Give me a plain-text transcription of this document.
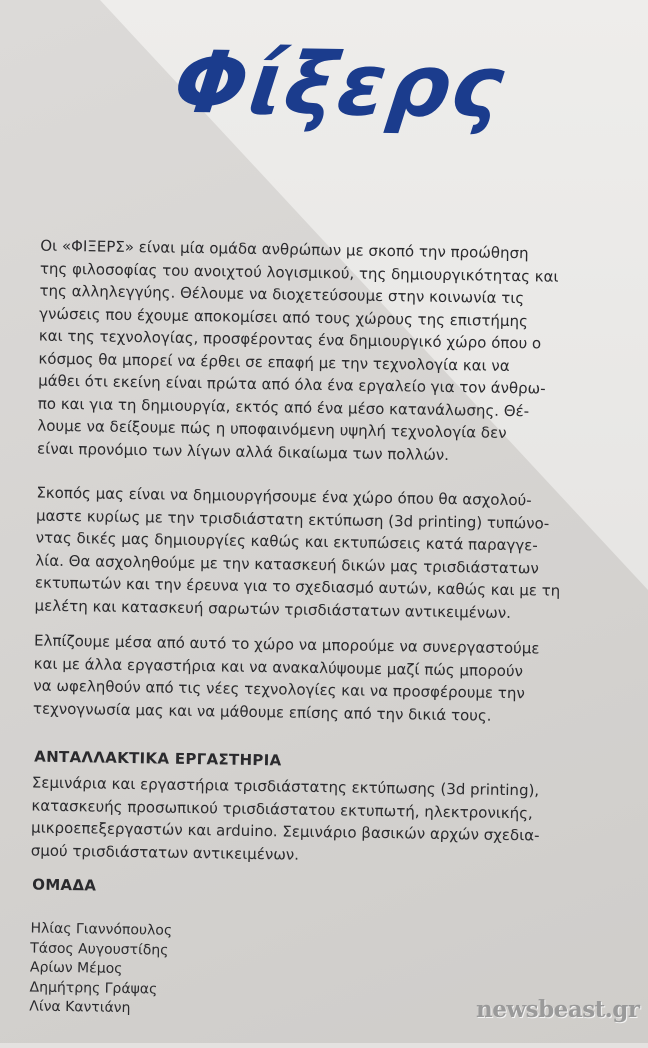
Φίξερς

Οι «ΦΙΞΕΡΣ» είναι μία ομάδα ανθρώπων με σκοπό την προώθηση
της φιλοσοφίας του ανοιχτού λογισμικού, της δημιουργικότητας και
της αλληλεγγύης. Θέλουμε να διοχετεύσουμε στην κοινωνία τις
γνώσεις που έχουμε αποκομίσει από τους χώρους της επιστήμης
και της τεχνολογίας, προσφέροντας ένα δημιουργικό χώρο όπου ο
κόσμος θα μπορεί να έρθει σε επαφή με την τεχνολογία και να
μάθει ότι εκείνη είναι πρώτα από όλα ένα εργαλείο για τον άνθρω-
πο και για τη δημιουργία, εκτός από ένα μέσο κατανάλωσης. Θέ-
λουμε να δείξουμε πώς η υποφαινόμενη υψηλή τεχνολογία δεν
είναι προνόμιο των λίγων αλλά δικαίωμα των πολλών.

Σκοπός μας είναι να δημιουργήσουμε ένα χώρο όπου θα ασχολού-
μαστε κυρίως με την τρισδιάστατη εκτύπωση (3d printing) τυπώνο-
ντας δικές μας δημιουργίες καθώς και εκτυπώσεις κατά παραγγε-
λία. Θα ασχοληθούμε με την κατασκευή δικών μας τρισδιάστατων
εκτυπωτών και την έρευνα για το σχεδιασμό αυτών, καθώς και με τη
μελέτη και κατασκευή σαρωτών τρισδιάστατων αντικειμένων.

Ελπίζουμε μέσα από αυτό το χώρο να μπορούμε να συνεργαστούμε
και με άλλα εργαστήρια και να ανακαλύψουμε μαζί πώς μπορούν
να ωφεληθούν από τις νέες τεχνολογίες και να προσφέρουμε την
τεχνογνωσία μας και να μάθουμε επίσης από την δικιά τους.

ΑΝΤΑΛΛΑΚΤΙΚΑ ΕΡΓΑΣΤΗΡΙΑ

Σεμινάρια και εργαστήρια τρισδιάστατης εκτύπωσης (3d printing),
κατασκευής προσωπικού τρισδιάστατου εκτυπωτή, ηλεκτρονικής,
μικροεπεξεργαστών και arduino. Σεμινάριο βασικών αρχών σχεδια-
σμού τρισδιάστατων αντικειμένων.

ΟΜΑΔΑ
Ηλίας Γιαννόπουλος
Τάσος Αυγουστίδης
Αρίων Μέμος
Δημήτρης Γράψας
Λίνα Καντιάνη	newsbeast.gr
